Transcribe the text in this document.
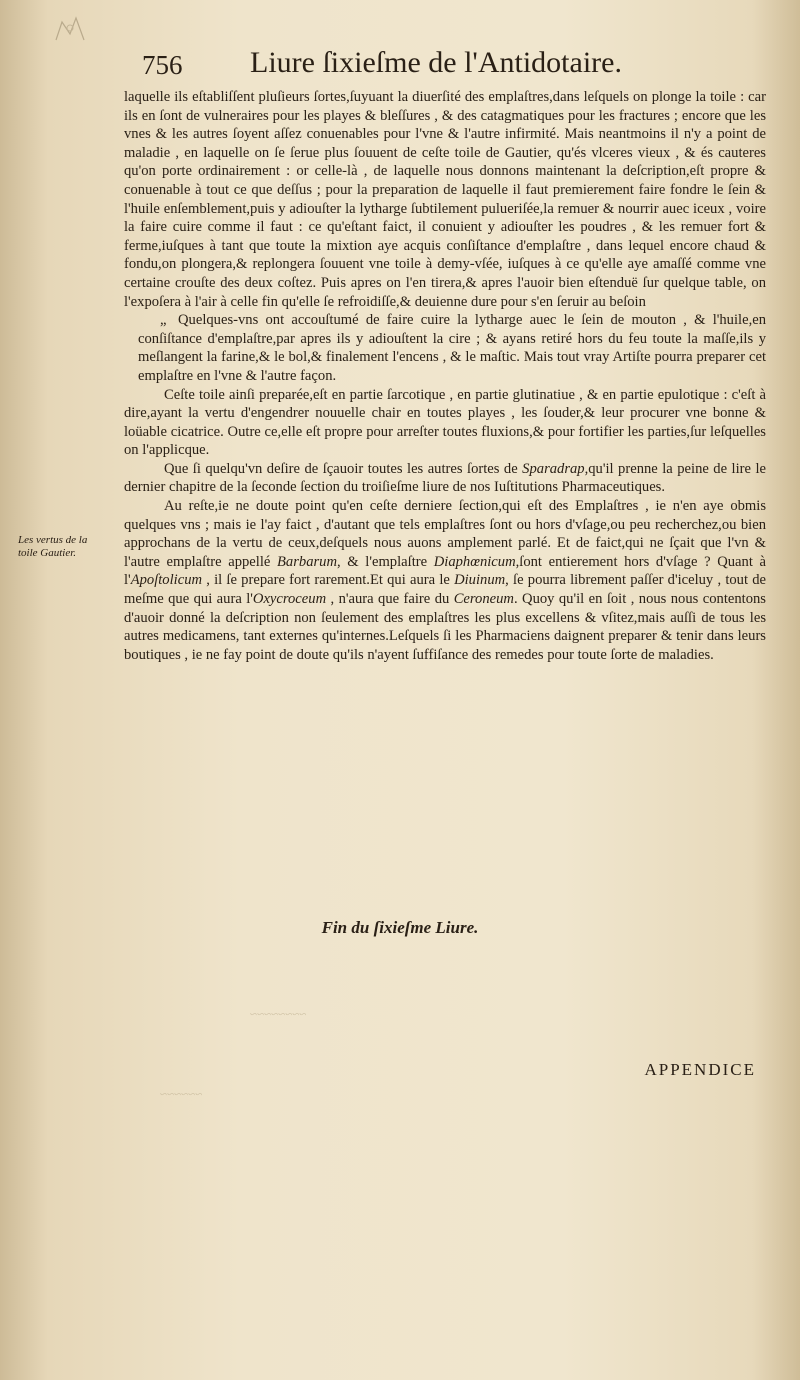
756 Liure ſixieſme de l'Antidotaire.
Les vertus de la toile Gautier.

laquelle ils eſtabliſſent pluſieurs ſortes,ſuyuant la diuerſité des emplaſtres,dans leſquels on plonge la toile : car ils en ſont de vulneraires pour les playes & bleſſures , & des catagmatiques pour les fractures ; encore que les vnes & les autres ſoyent aſſez conuenables pour l'vne & l'autre infirmité. Mais neantmoins il n'y a point de maladie , en laquelle on ſe ſerue plus ſouuent de ceſte toile de Gautier, qu'és vlceres vieux , & és cauteres qu'on porte ordinairement : or celle-là , de laquelle nous donnons maintenant la deſcription,eſt propre & conuenable à tout ce que deſſus ; pour la preparation de laquelle il faut premierement faire fondre le ſein & l'huile enſemblement,puis y adiouſter la lytharge ſubtilement pulueriſée,la remuer & nourrir auec iceux , voire la faire cuire comme il faut : ce qu'eſtant faict, il conuient y adiouſter les poudres , & les remuer fort & ferme,iuſques à tant que toute la mixtion aye acquis conſiſtance d'emplaſtre , dans lequel encore chaud & fondu,on plongera,& replongera ſouuent vne toile à demy-vſée, iuſques à ce qu'elle aye amaſſé comme vne certaine crouſte des deux coſtez. Puis apres on l'en tirera,& apres l'auoir bien eſtenduë ſur quelque table, on l'expoſera à l'air à celle fin qu'elle ſe refroidiſſe,& deuienne dure pour s'en ſeruir au beſoin

„ Quelques-vns ont accouſtumé de faire cuire la lytharge auec le ſein de mouton , & l'huile,en conſiſtance d'emplaſtre,par apres ils y adiouſtent la cire ; & ayans retiré hors du feu toute la maſſe,ils y meſlangent la farine,& le bol,& finalement l'encens , & le maſtic. Mais tout vray Artiſte pourra preparer cet emplaſtre en l'vne & l'autre façon.

Ceſte toile ainſi preparée,eſt en partie ſarcotique , en partie glutinatiue , & en partie epulotique : c'eſt à dire,ayant la vertu d'engendrer nouuelle chair en toutes playes , les ſouder,& leur procurer vne bonne & loüable cicatrice. Outre ce,elle eſt propre pour arreſter toutes fluxions,& pour fortifier les parties,ſur leſquelles on l'applicque.

Que ſi quelqu'vn deſire de ſçauoir toutes les autres ſortes de Sparadrap,qu'il prenne la peine de lire le dernier chapitre de la ſeconde ſection du troiſieſme liure de nos Iuſtitutions Pharmaceutiques.

Au reſte,ie ne doute point qu'en ceſte derniere ſection,qui eſt des Emplaſtres , ie n'en aye obmis quelques vns ; mais ie l'ay faict , d'autant que tels emplaſtres ſont ou hors d'vſage,ou peu recherchez,ou bien approchans de la vertu de ceux,deſquels nous auons amplement parlé. Et de faict,qui ne ſçait que l'vn & l'autre emplaſtre appellé Barbarum, & l'emplaſtre Diaphœnicum,ſont entierement hors d'vſage ? Quant à l'Apoſtolicum , il ſe prepare fort rarement.Et qui aura le Diuinum, ſe pourra librement paſſer d'iceluy , tout de meſme que qui aura l'Oxycroceum , n'aura que faire du Ceroneum. Quoy qu'il en ſoit , nous nous contentons d'auoir donné la deſcription non ſeulement des emplaſtres les plus excellens & vſitez,mais auſſi de tous les autres medicamens, tant externes qu'internes.Leſquels ſi les Pharmaciens daignent preparer & tenir dans leurs boutiques , ie ne fay point de doute qu'ils n'ayent ſuffiſance des remedes pour toute ſorte de maladies.

Fin du ſixieſme Liure.
APPENDICE
~~~~~~~~
~~~~~~
